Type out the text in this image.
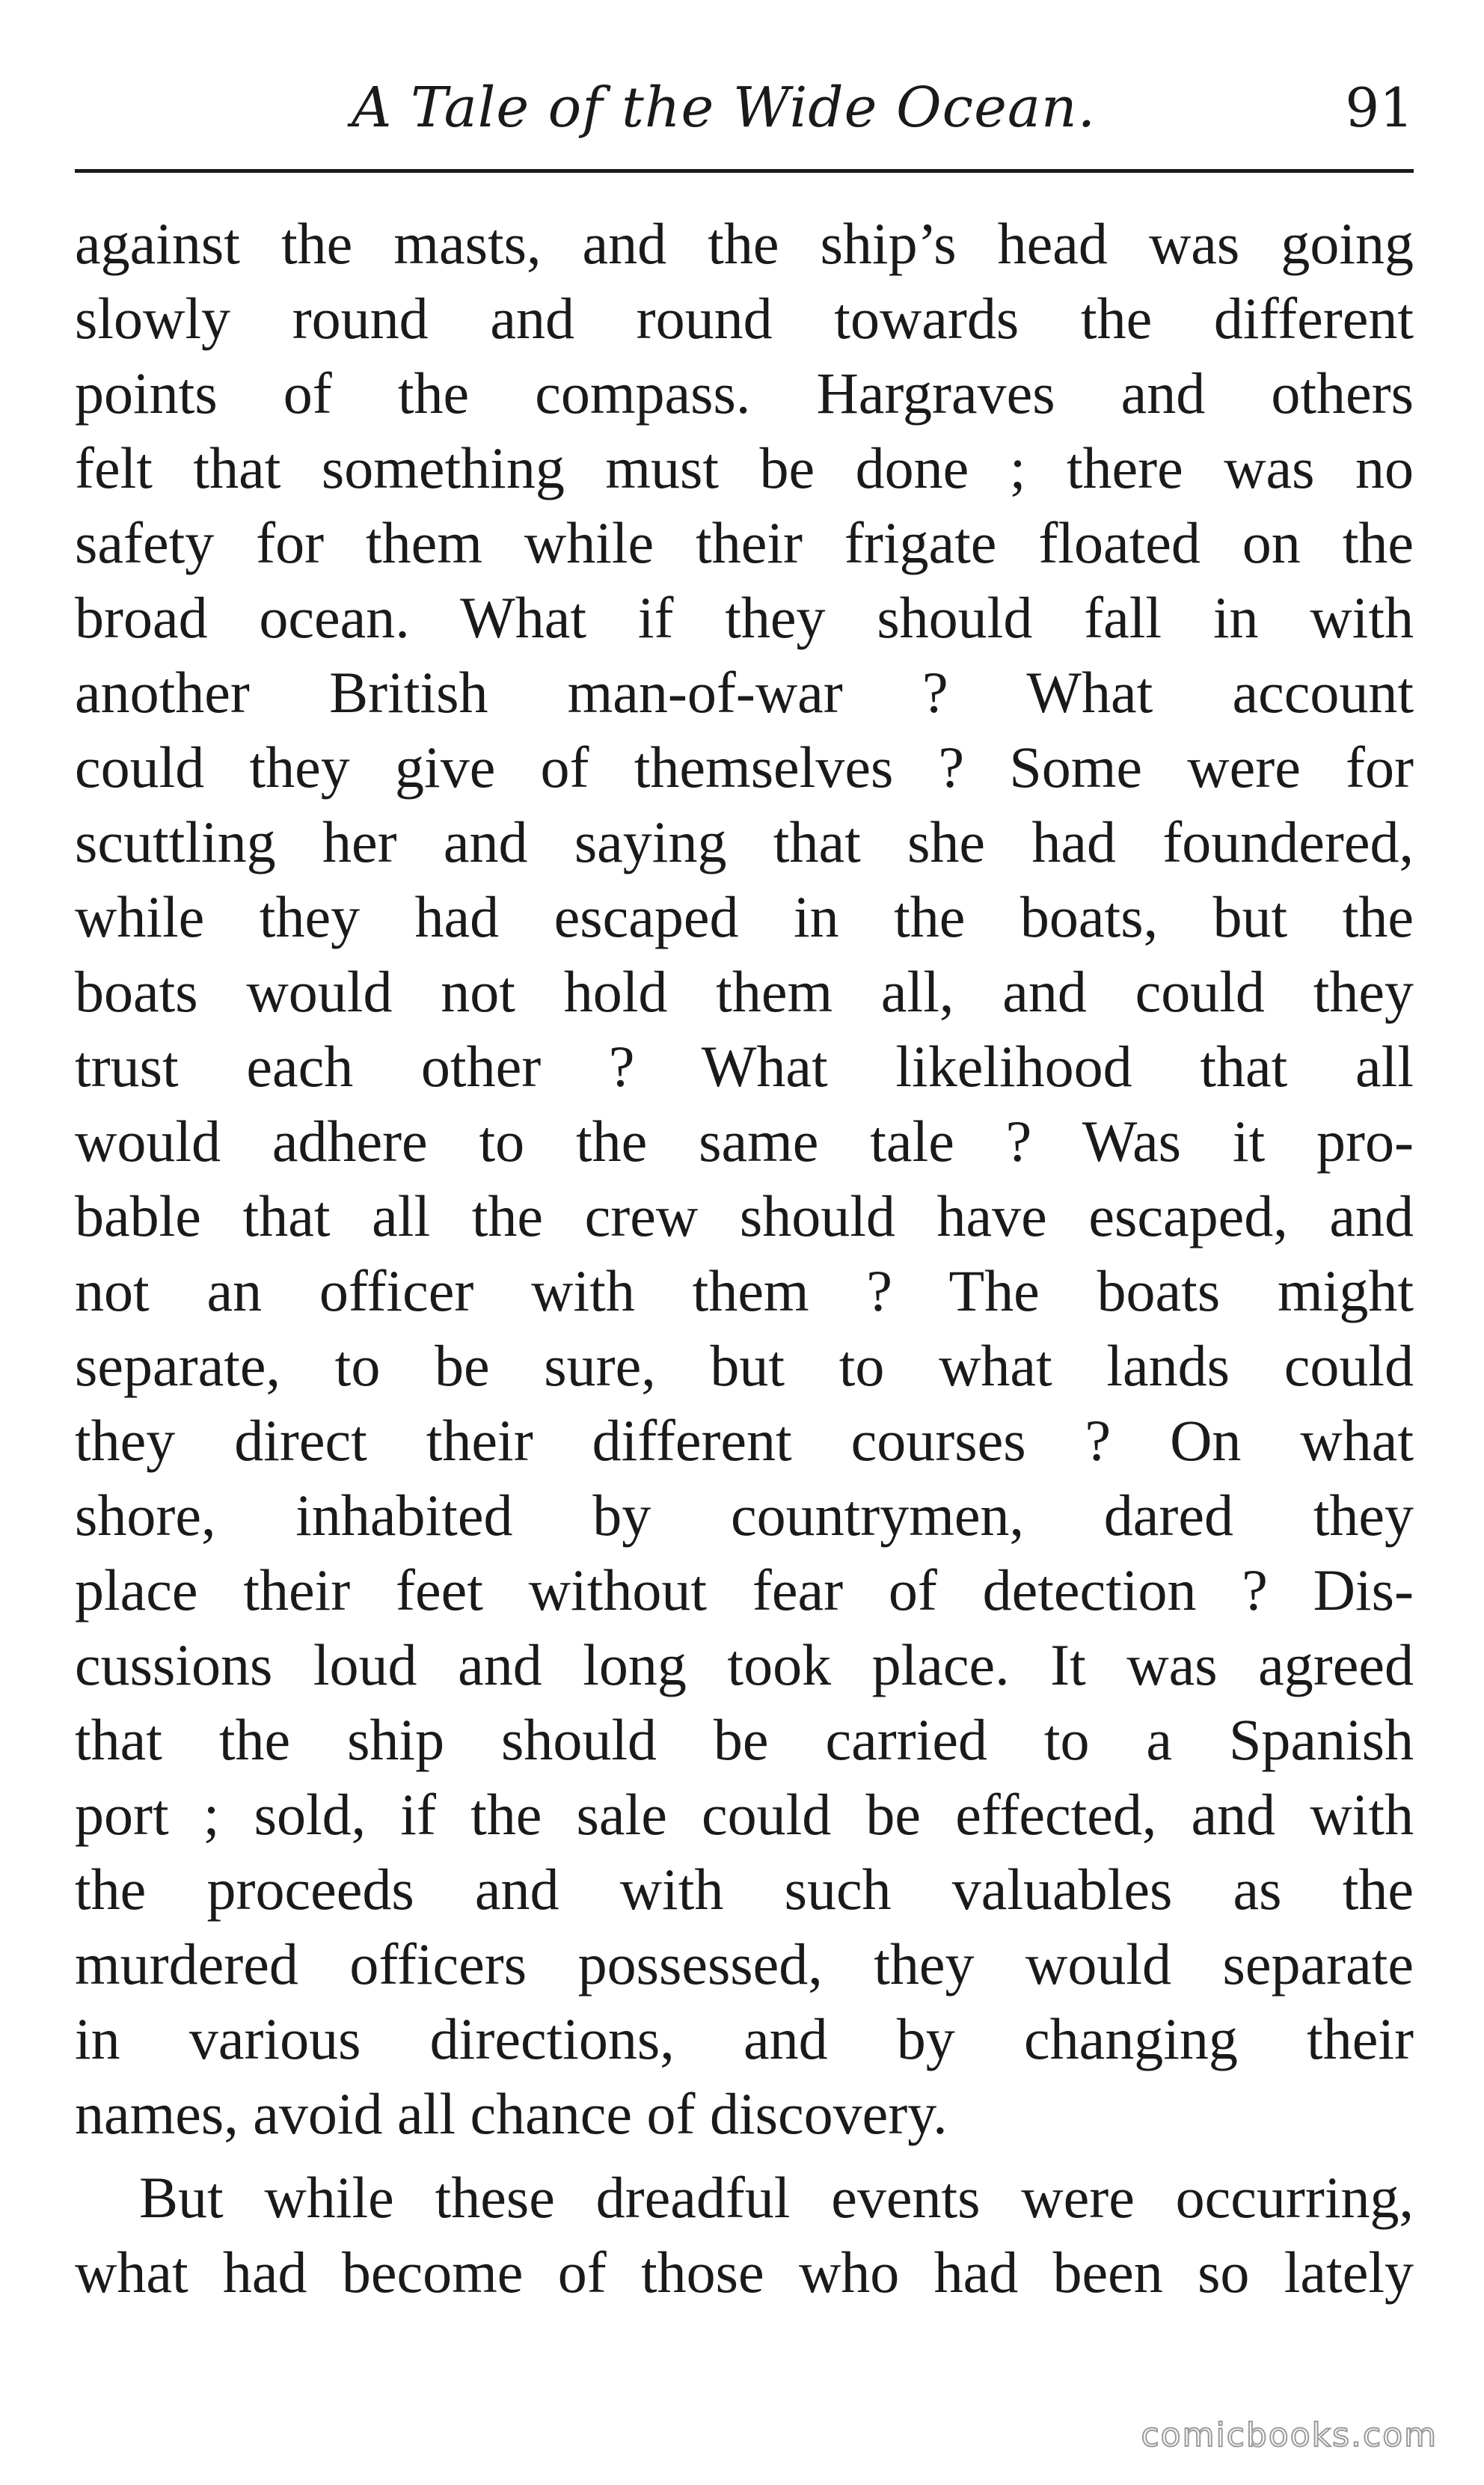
A Tale of the Wide Ocean.	91
against the masts, and the ship’s head was going
slowly round and round towards the different
points of the compass. Hargraves and others
felt that something must be done ; there was no
safety for them while their frigate floated on the
broad ocean. What if they should fall in with
another British man-of-war ? What account
could they give of themselves ? Some were for
scuttling her and saying that she had foundered,
while they had escaped in the boats, but the
boats would not hold them all, and could they
trust each other ? What likelihood that all
would adhere to the same tale ? Was it pro-
bable that all the crew should have escaped, and
not an officer with them ? The boats might
separate, to be sure, but to what lands could
they direct their different courses ? On what
shore, inhabited by countrymen, dared they
place their feet without fear of detection ? Dis-
cussions loud and long took place. It was agreed
that the ship should be carried to a Spanish
port ; sold, if the sale could be effected, and with
the proceeds and with such valuables as the
murdered officers possessed, they would separate
in various directions, and by changing their
names, avoid all chance of discovery.
But while these dreadful events were occurring,
what had become of those who had been so lately
comicbooks.com
